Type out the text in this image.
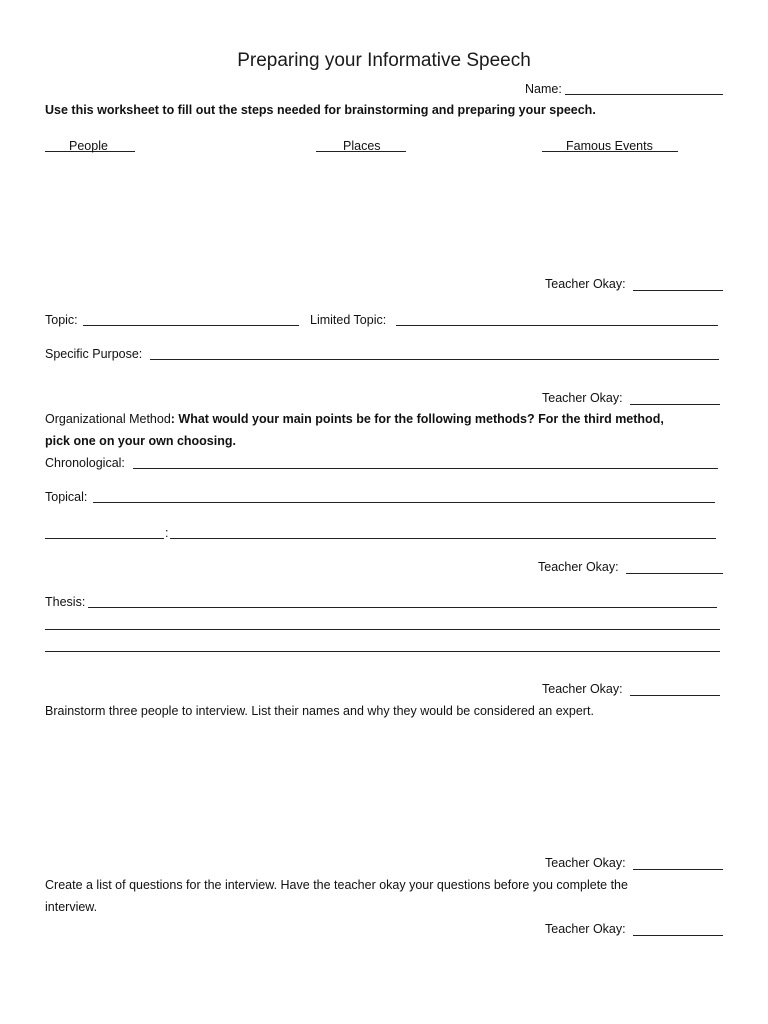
Preparing your Informative Speech
Name:
Use this worksheet to fill out the steps needed for brainstorming and preparing your speech.
People	Places	Famous Events
Teacher Okay:
Topic:	Limited Topic:
Specific Purpose:
Teacher Okay:
Organizational Method: What would your main points be for the following methods? For the third method,
pick one on your own choosing.
Chronological:
Topical:
:
Teacher Okay:
Thesis:
Teacher Okay:
Brainstorm three people to interview. List their names and why they would be considered an expert.
Teacher Okay:
Create a list of questions for the interview. Have the teacher okay your questions before you complete the
interview.
Teacher Okay:
